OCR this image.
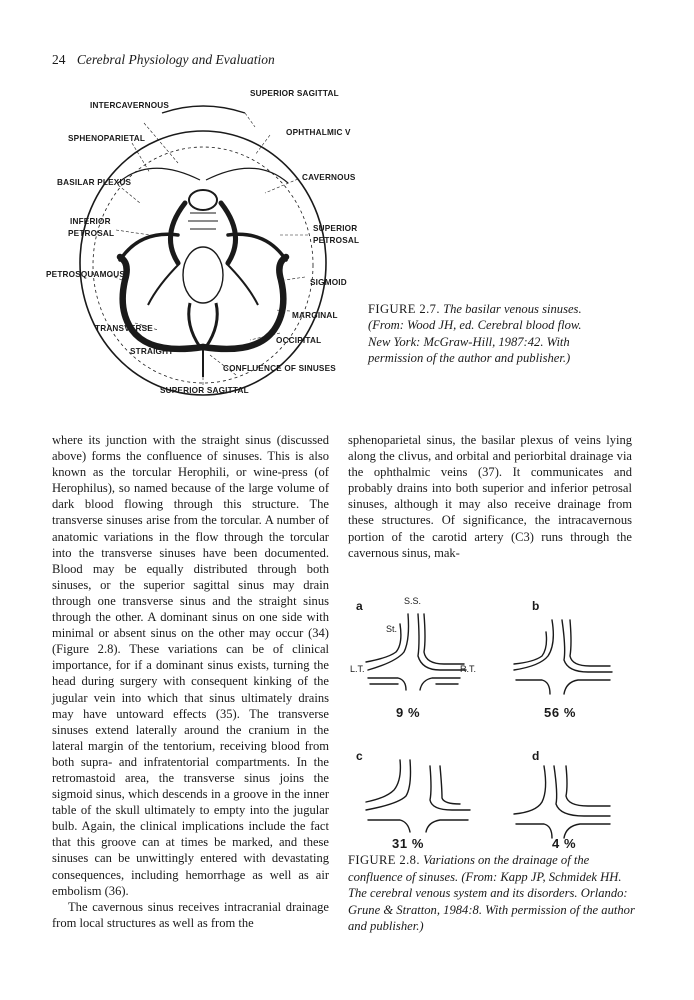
24 Cerebral Physiology and Evaluation
INTERCAVERNOUS
SUPERIOR SAGITTAL
SPHENOPARIETAL
OPHTHALMIC V
BASILAR PLEXUS
CAVERNOUS
INFERIOR
PETROSAL
SUPERIOR
PETROSAL
PETROSQUAMOUS
SIGMOID
MARGINAL
TRANSVERSE
OCCIPITAL
STRAIGHT
CONFLUENCE OF SINUSES
SUPERIOR SAGITTAL
FIGURE 2.7. The basilar venous sinuses. (From: Wood JH, ed. Cerebral blood flow. New York: McGraw-Hill, 1987:42. With permission of the author and publisher.)

where its junction with the straight sinus (discussed above) forms the confluence of sinuses. This is also known as the torcular Herophili, or wine-press (of Herophilus), so named because of the large volume of dark blood flowing through this structure. The transverse sinuses arise from the torcular. A number of anatomic variations in the flow through the torcular into the transverse sinuses have been documented. Blood may be equally distributed through both sinuses, or the superior sagittal sinus may drain through one transverse sinus and the straight sinus through the other. A dominant sinus on one side with minimal or absent sinus on the other may occur (34) (Figure 2.8). These variations can be of clinical importance, for if a dominant sinus exists, turning the head during surgery with consequent kinking of the jugular vein into which that sinus ultimately drains may have untoward effects (35). The transverse sinuses extend laterally around the cranium in the lateral margin of the tentorium, receiving blood from both supra- and infratentorial compartments. In the retromastoid area, the transverse sinus joins the sigmoid sinus, which descends in a groove in the inner table of the skull ultimately to empty into the jugular bulb. Again, the clinical implications include the fact that this groove can at times be marked, and these sinuses can be unwittingly entered with devastating consequences, including hemorrhage as well as air embolism (36).

The cavernous sinus receives intracranial drainage from local structures as well as from the

sphenoparietal sinus, the basilar plexus of veins lying along the clivus, and orbital and periorbital drainage via the ophthalmic veins (37). It communicates and probably drains into both superior and inferior petrosal sinuses, although it may also receive drainage from these structures. Of significance, the intracavernous portion of the carotid artery (C3) runs through the cavernous sinus, mak-

a	b
c	d
S.S.
St.
L.T.	R.T.
9 %	56 %
31 %	4 %
FIGURE 2.8. Variations on the drainage of the confluence of sinuses. (From: Kapp JP, Schmidek HH. The cerebral venous system and its disorders. Orlando: Grune & Stratton, 1984:8. With permission of the author and publisher.)
